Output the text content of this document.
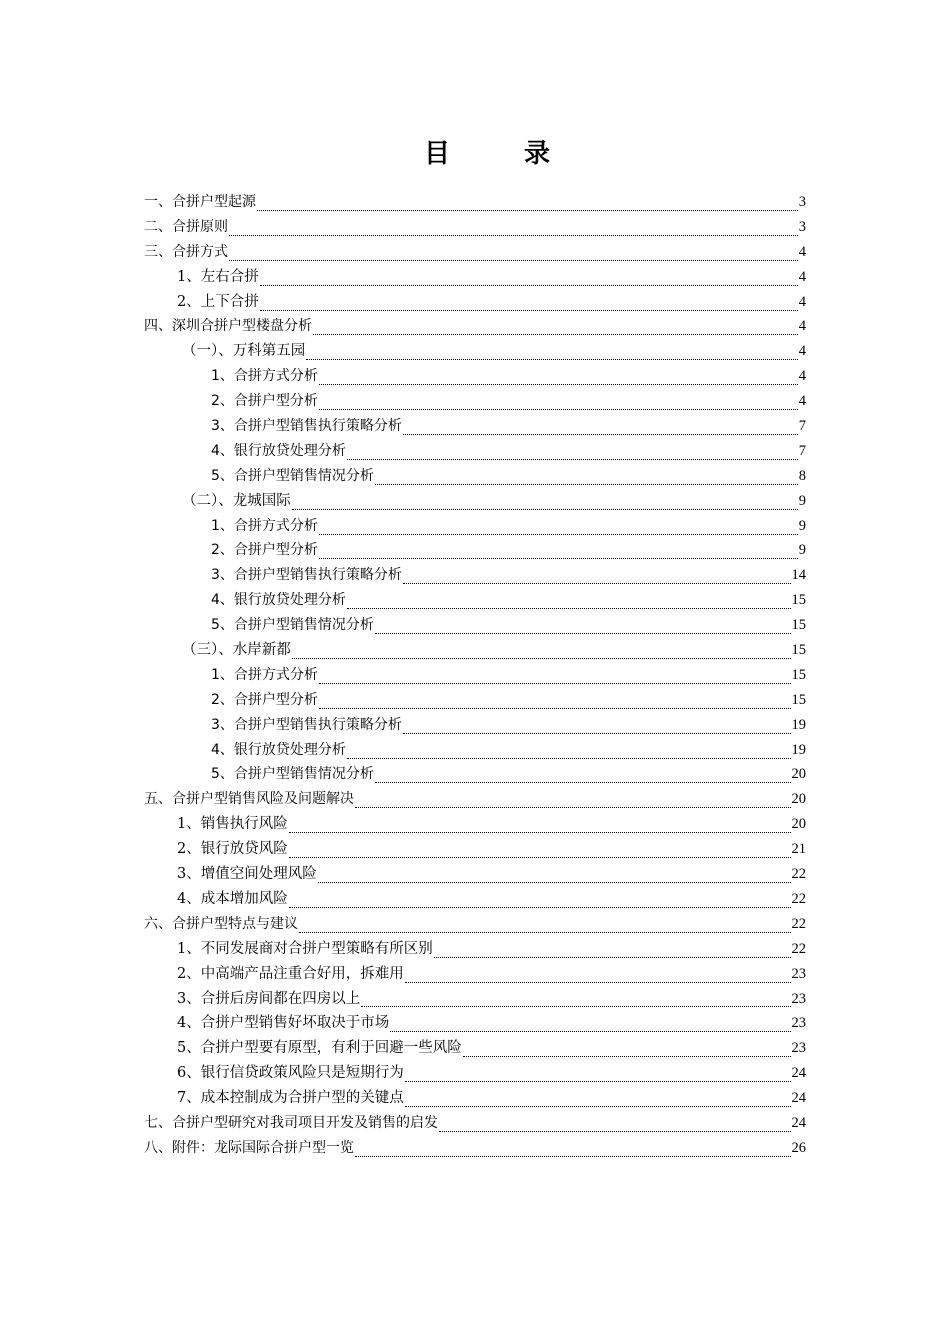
目　录
一、合拼户型起源	3
二、合拼原则	3
三、合拼方式	4
1、左右合拼	4
2、上下合拼	4
四、深圳合拼户型楼盘分析	4
（一）、万科第五园	4
1、合拼方式分析	4
2、合拼户型分析	4
3、合拼户型销售执行策略分析	7
4、银行放贷处理分析	7
5、合拼户型销售情况分析	8
（二）、龙城国际	9
1、合拼方式分析	9
2、合拼户型分析	9
3、合拼户型销售执行策略分析	14
4、银行放贷处理分析	15
5、合拼户型销售情况分析	15
（三）、水岸新都	15
1、合拼方式分析	15
2、合拼户型分析	15
3、合拼户型销售执行策略分析	19
4、银行放贷处理分析	19
5、合拼户型销售情况分析	20
五、合拼户型销售风险及问题解决	20
1、销售执行风险	20
2、银行放贷风险	21
3、增值空间处理风险	22
4、成本增加风险	22
六、合拼户型特点与建议	22
1、不同发展商对合拼户型策略有所区别	22
2、中高端产品注重合好用，拆难用	23
3、合拼后房间都在四房以上	23
4、合拼户型销售好坏取决于市场	23
5、合拼户型要有原型，有利于回避一些风险	23
6、银行信贷政策风险只是短期行为	24
7、成本控制成为合拼户型的关键点	24
七、合拼户型研究对我司项目开发及销售的启发	24
八、附件：龙际国际合拼户型一览	26
